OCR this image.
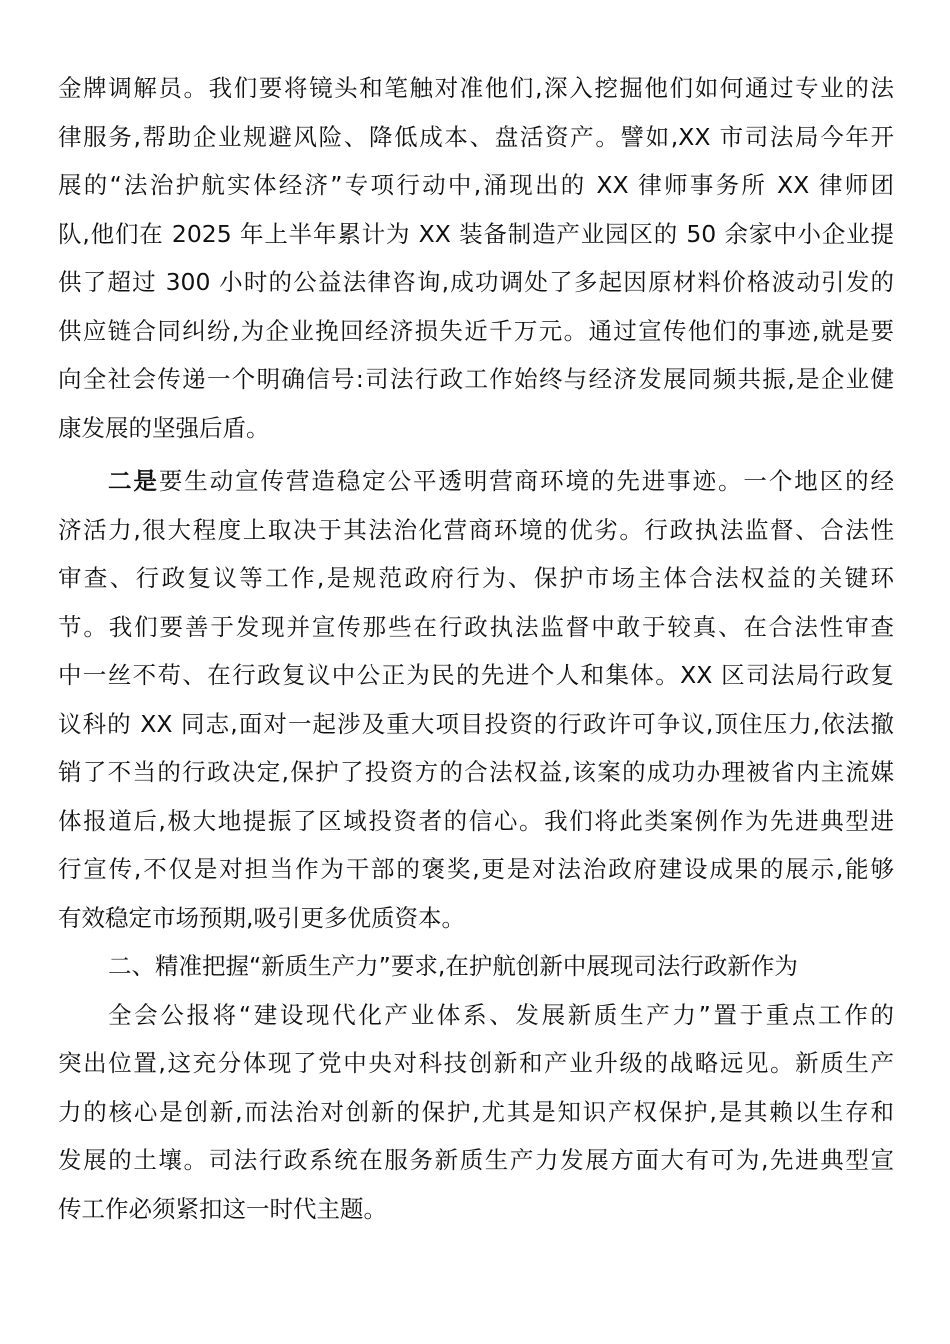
金牌调解员。我们要将镜头和笔触对准他们,深入挖掘他们如何通过专业的法
律服务,帮助企业规避风险、降低成本、盘活资产。譬如,XX 市司法局今年开
展的“法治护航实体经济”专项行动中,涌现出的 XX 律师事务所 XX 律师团
队,他们在 2025 年上半年累计为 XX 装备制造产业园区的 50 余家中小企业提
供了超过 300 小时的公益法律咨询,成功调处了多起因原材料价格波动引发的
供应链合同纠纷,为企业挽回经济损失近千万元。通过宣传他们的事迹,就是要
向全社会传递一个明确信号:司法行政工作始终与经济发展同频共振,是企业健
康发展的坚强后盾。
二是要生动宣传营造稳定公平透明营商环境的先进事迹。一个地区的经
济活力,很大程度上取决于其法治化营商环境的优劣。行政执法监督、合法性
审查、行政复议等工作,是规范政府行为、保护市场主体合法权益的关键环
节。我们要善于发现并宣传那些在行政执法监督中敢于较真、在合法性审查
中一丝不苟、在行政复议中公正为民的先进个人和集体。XX 区司法局行政复
议科的 XX 同志,面对一起涉及重大项目投资的行政许可争议,顶住压力,依法撤
销了不当的行政决定,保护了投资方的合法权益,该案的成功办理被省内主流媒
体报道后,极大地提振了区域投资者的信心。我们将此类案例作为先进典型进
行宣传,不仅是对担当作为干部的褒奖,更是对法治政府建设成果的展示,能够
有效稳定市场预期,吸引更多优质资本。
二、精准把握“新质生产力”要求,在护航创新中展现司法行政新作为
全会公报将“建设现代化产业体系、发展新质生产力”置于重点工作的
突出位置,这充分体现了党中央对科技创新和产业升级的战略远见。新质生产
力的核心是创新,而法治对创新的保护,尤其是知识产权保护,是其赖以生存和
发展的土壤。司法行政系统在服务新质生产力发展方面大有可为,先进典型宣
传工作必须紧扣这一时代主题。
